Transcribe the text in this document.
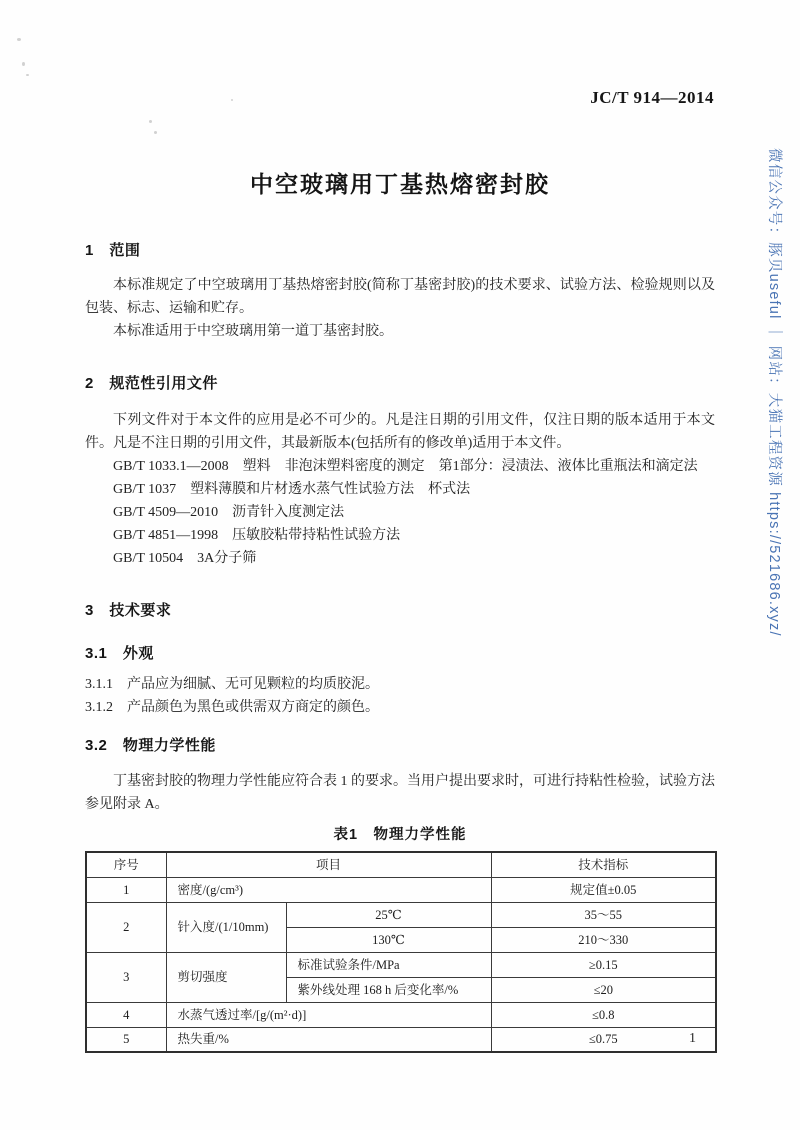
JC/T 914—2014
中空玻璃用丁基热熔密封胶	微信公众号：豚贝useful ｜ 网站：大猫工程资源 https://521686.xyz/
1　范围

本标准规定了中空玻璃用丁基热熔密封胶(简称丁基密封胶)的技术要求、试验方法、检验规则以及包装、标志、运输和贮存。

本标准适用于中空玻璃用第一道丁基密封胶。

2　规范性引用文件

下列文件对于本文件的应用是必不可少的。凡是注日期的引用文件，仅注日期的版本适用于本文件。凡是不注日期的引用文件，其最新版本(包括所有的修改单)适用于本文件。

GB/T 1033.1—2008　塑料　非泡沫塑料密度的测定　第1部分：浸渍法、液体比重瓶法和滴定法
GB/T 1037　塑料薄膜和片材透水蒸气性试验方法　杯式法
GB/T 4509—2010　沥青针入度测定法
GB/T 4851—1998　压敏胶粘带持粘性试验方法
GB/T 10504　3A分子筛
3　技术要求
3.1　外观

3.1.1　产品应为细腻、无可见颗粒的均质胶泥。

3.1.2　产品颜色为黑色或供需双方商定的颜色。

3.2　物理力学性能

丁基密封胶的物理力学性能应符合表 1 的要求。当用户提出要求时，可进行持粘性检验，试验方法参见附录 A。

表1　物理力学性能
序号	项目		技术指标
1	密度/(g/cm³)		规定值±0.05
2	针入度/(1/10mm)	25℃	35～55
		130℃	210～330
3	剪切强度	标准试验条件/MPa	≥0.15
		紫外线处理 168 h 后变化率/%	≤20
4	水蒸气透过率/[g/(m²·d)]		≤0.8
5	热失重/%		≤0.75	1
